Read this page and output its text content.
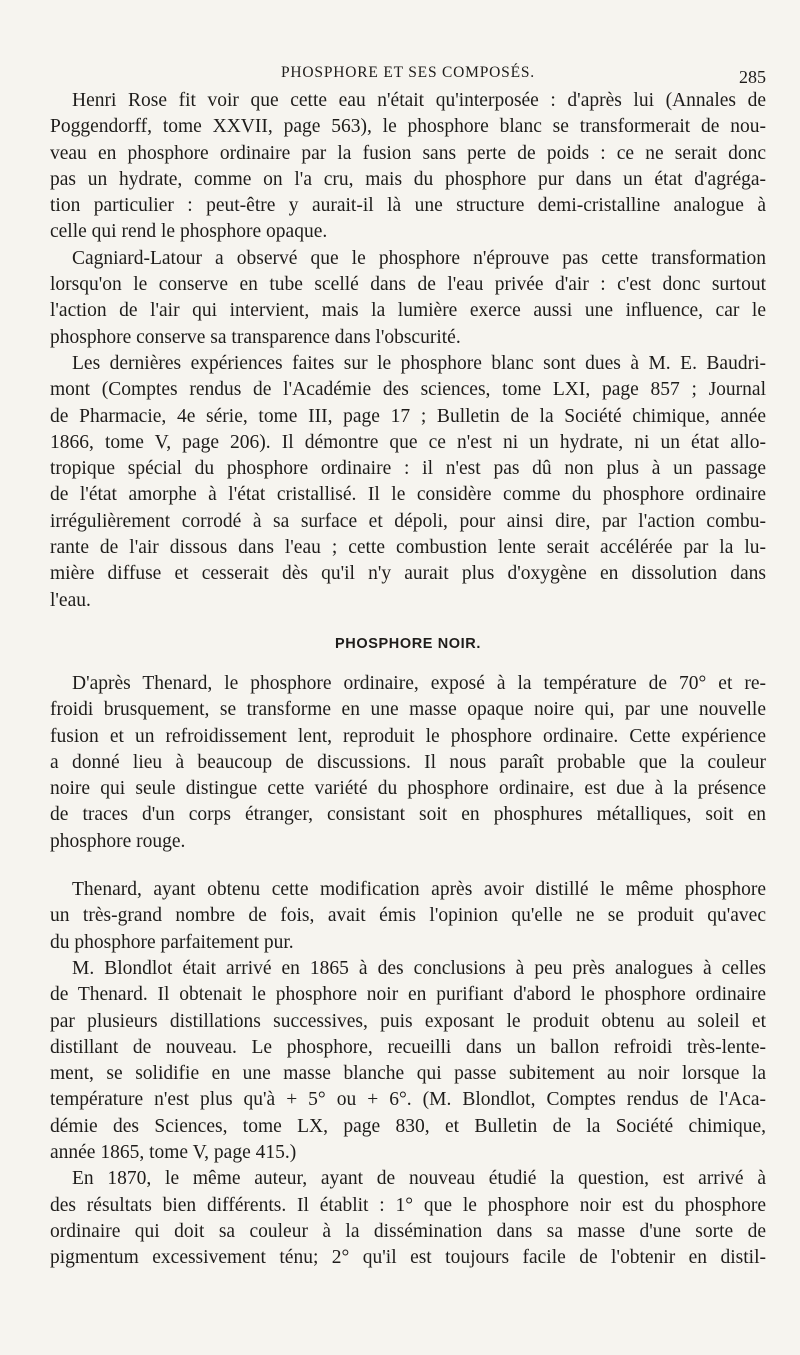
PHOSPHORE ET SES COMPOSÉS.	285
Henri Rose fit voir que cette eau n'était qu'interposée : d'après lui (Annales de
Poggendorff, tome XXVII, page 563), le phosphore blanc se transformerait de nou-
veau en phosphore ordinaire par la fusion sans perte de poids : ce ne serait donc
pas un hydrate, comme on l'a cru, mais du phosphore pur dans un état d'agréga-
tion particulier : peut-être y aurait-il là une structure demi-cristalline analogue à
celle qui rend le phosphore opaque.
Cagniard-Latour a observé que le phosphore n'éprouve pas cette transformation
lorsqu'on le conserve en tube scellé dans de l'eau privée d'air : c'est donc surtout
l'action de l'air qui intervient, mais la lumière exerce aussi une influence, car le
phosphore conserve sa transparence dans l'obscurité.
Les dernières expériences faites sur le phosphore blanc sont dues à M. E. Baudri-
mont (Comptes rendus de l'Académie des sciences, tome LXI, page 857 ; Journal
de Pharmacie, 4e série, tome III, page 17 ; Bulletin de la Société chimique, année
1866, tome V, page 206). Il démontre que ce n'est ni un hydrate, ni un état allo-
tropique spécial du phosphore ordinaire : il n'est pas dû non plus à un passage
de l'état amorphe à l'état cristallisé. Il le considère comme du phosphore ordinaire
irrégulièrement corrodé à sa surface et dépoli, pour ainsi dire, par l'action combu-
rante de l'air dissous dans l'eau ; cette combustion lente serait accélérée par la lu-
mière diffuse et cesserait dès qu'il n'y aurait plus d'oxygène en dissolution dans
l'eau.
PHOSPHORE NOIR.
D'après Thenard, le phosphore ordinaire, exposé à la température de 70° et re-
froidi brusquement, se transforme en une masse opaque noire qui, par une nouvelle
fusion et un refroidissement lent, reproduit le phosphore ordinaire. Cette expérience
a donné lieu à beaucoup de discussions. Il nous paraît probable que la couleur
noire qui seule distingue cette variété du phosphore ordinaire, est due à la présence
de traces d'un corps étranger, consistant soit en phosphures métalliques, soit en
phosphore rouge.
Thenard, ayant obtenu cette modification après avoir distillé le même phosphore
un très-grand nombre de fois, avait émis l'opinion qu'elle ne se produit qu'avec
du phosphore parfaitement pur.
M. Blondlot était arrivé en 1865 à des conclusions à peu près analogues à celles
de Thenard. Il obtenait le phosphore noir en purifiant d'abord le phosphore ordinaire
par plusieurs distillations successives, puis exposant le produit obtenu au soleil et
distillant de nouveau. Le phosphore, recueilli dans un ballon refroidi très-lente-
ment, se solidifie en une masse blanche qui passe subitement au noir lorsque la
température n'est plus qu'à + 5° ou + 6°. (M. Blondlot, Comptes rendus de l'Aca-
démie des Sciences, tome LX, page 830, et Bulletin de la Société chimique,
année 1865, tome V, page 415.)
En 1870, le même auteur, ayant de nouveau étudié la question, est arrivé à
des résultats bien différents. Il établit : 1° que le phosphore noir est du phosphore
ordinaire qui doit sa couleur à la dissémination dans sa masse d'une sorte de
pigmentum excessivement ténu; 2° qu'il est toujours facile de l'obtenir en distil-
